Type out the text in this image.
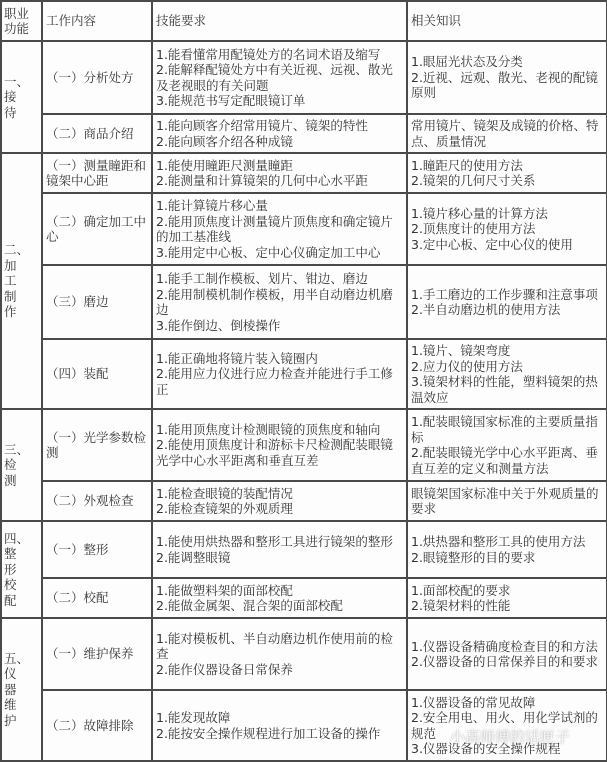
职业功能	工作内容	技能要求	相关知识

一、接待	（一）分析处方	1.能看懂常用配镜处方的名词术语及缩写
2.能解释配镜处方中有关近视、远视、散光及老视眼的有关问题
3.能规范书写定配眼镜订单	1.眼屈光状态及分类
2.近视、远观、散光、老视的配镜原则

	（二）商品介绍	1.能向顾客介绍常用镜片、镜架的特性
2.能向顾客介绍各种成镜	常用镜片、镜架及成镜的价格、特点、质量情况

二、加工制作	（一）测量瞳距和镜架中心距	1.能使用瞳距尺测量瞳距
2.能测量和计算镜架的几何中心水平距	1.瞳距尺的使用方法
2.镜架的几何尺寸关系

	（二）确定加工中心	1.能计算镜片移心量
2.能用顶焦度计测量镜片顶焦度和确定镜片的加工基准线
3.能用定中心板、定中心仪确定加工中心	1.镜片移心量的计算方法
2.顶焦度计的使用方法
3.定中心板、定中心仪的使用

	（三）磨边	1.能手工制作模板、划片、钳边、磨边
2.能用制模机制作模板，用半自动磨边机磨边
3.能作倒边、倒棱操作	1.手工磨边的工作步骤和注意事项
2.半自动磨边机的使用方法

	（四）装配	1.能正确地将镜片装入镜圈内
2.能用应力仪进行应力检查并能进行手工修正	1.镜片、镜架弯度
2.应力仪的使用方法
3.镜架材料的性能，塑料镜架的热温效应

三、检测	（一）光学参数检测	1.能用顶焦度计检测眼镜的顶焦度和轴向
2.能使用顶焦度计和游标卡尺检测配装眼镜光学中心水平距离和垂直互差	1.配装眼镜国家标准的主要质量指标
2.配装眼镜光学中心水平距离、垂直互差的定义和测量方法

	（二）外观检查	1.能检查眼镜的装配情况
2.能检查镜架的外观质理	眼镜架国家标准中关于外观质量的要求

四、整形校配	（一）整形	1.能使用烘热器和整形工具进行镜架的整形
2.能调整眼镜	1.烘热器和整形工具的使用方法
2.眼镜整形的目的要求

	（二）校配	1.能做塑料架的面部校配
2.能做金属架、混合架的面部校配	1.面部校配的要求
2.镜架材料的性能

五、仪器维护	（一）维护保养	1.能对模板机、半自动磨边机作使用前的检查
2.能作仪器设备日常保养	1.仪器设备精确度检查目的和方法
2.仪器设备的日常保养目的和要求

	（二）故障排除	1.能发现故障
2.能按安全操作规程进行加工设备的操作	1.仪器设备的常见故障
2.安全用电、用火、用化学试剂的规范
3.仪器设备的安全操作规程
小高师傅的话匣子
